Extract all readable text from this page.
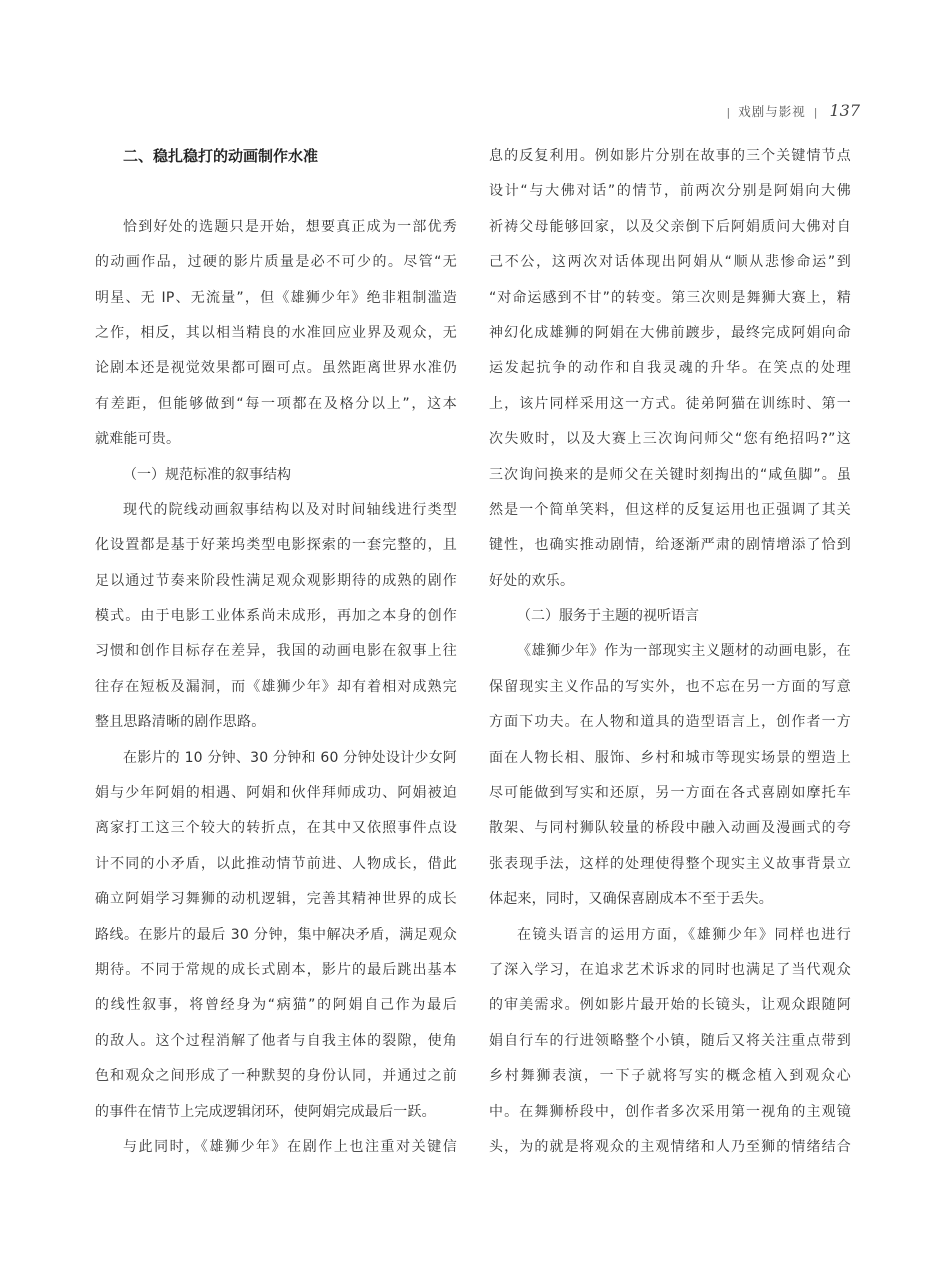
| 戏剧与影视 | 137
二、稳扎稳打的动画制作水准
恰到好处的选题只是开始，想要真正成为一部优秀
的动画作品，过硬的影片质量是必不可少的。尽管“无
明星、无 IP、无流量”，但《雄狮少年》绝非粗制滥造
之作，相反，其以相当精良的水准回应业界及观众，无
论剧本还是视觉效果都可圈可点。虽然距离世界水准仍
有差距，但能够做到“每一项都在及格分以上”，这本
就难能可贵。
（一）规范标准的叙事结构
现代的院线动画叙事结构以及对时间轴线进行类型
化设置都是基于好莱坞类型电影探索的一套完整的，且
足以通过节奏来阶段性满足观众观影期待的成熟的剧作
模式。由于电影工业体系尚未成形，再加之本身的创作
习惯和创作目标存在差异，我国的动画电影在叙事上往
往存在短板及漏洞，而《雄狮少年》却有着相对成熟完
整且思路清晰的剧作思路。
在影片的 10 分钟、30 分钟和 60 分钟处设计少女阿
娟与少年阿娟的相遇、阿娟和伙伴拜师成功、阿娟被迫
离家打工这三个较大的转折点，在其中又依照事件点设
计不同的小矛盾，以此推动情节前进、人物成长，借此
确立阿娟学习舞狮的动机逻辑，完善其精神世界的成长
路线。在影片的最后 30 分钟，集中解决矛盾，满足观众
期待。不同于常规的成长式剧本，影片的最后跳出基本
的线性叙事，将曾经身为“病猫”的阿娟自己作为最后
的敌人。这个过程消解了他者与自我主体的裂隙，使角
色和观众之间形成了一种默契的身份认同，并通过之前
的事件在情节上完成逻辑闭环，使阿娟完成最后一跃。
与此同时，《雄狮少年》在剧作上也注重对关键信
息的反复利用。例如影片分别在故事的三个关键情节点
设计“与大佛对话”的情节，前两次分别是阿娟向大佛
祈祷父母能够回家，以及父亲倒下后阿娟质问大佛对自
己不公，这两次对话体现出阿娟从“顺从悲惨命运”到
“对命运感到不甘”的转变。第三次则是舞狮大赛上，精
神幻化成雄狮的阿娟在大佛前踱步，最终完成阿娟向命
运发起抗争的动作和自我灵魂的升华。在笑点的处理
上，该片同样采用这一方式。徒弟阿猫在训练时、第一
次失败时，以及大赛上三次询问师父“您有绝招吗?”这
三次询问换来的是师父在关键时刻掏出的“咸鱼脚”。虽
然是一个简单笑料，但这样的反复运用也正强调了其关
键性，也确实推动剧情，给逐渐严肃的剧情增添了恰到
好处的欢乐。
（二）服务于主题的视听语言
《雄狮少年》作为一部现实主义题材的动画电影，在
保留现实主义作品的写实外，也不忘在另一方面的写意
方面下功夫。在人物和道具的造型语言上，创作者一方
面在人物长相、服饰、乡村和城市等现实场景的塑造上
尽可能做到写实和还原，另一方面在各式喜剧如摩托车
散架、与同村狮队较量的桥段中融入动画及漫画式的夸
张表现手法，这样的处理使得整个现实主义故事背景立
体起来，同时，又确保喜剧成本不至于丢失。
在镜头语言的运用方面，《雄狮少年》同样也进行
了深入学习，在追求艺术诉求的同时也满足了当代观众
的审美需求。例如影片最开始的长镜头，让观众跟随阿
娟自行车的行进领略整个小镇，随后又将关注重点带到
乡村舞狮表演，一下子就将写实的概念植入到观众心
中。在舞狮桥段中，创作者多次采用第一视角的主观镜
头，为的就是将观众的主观情绪和人乃至狮的情绪结合
